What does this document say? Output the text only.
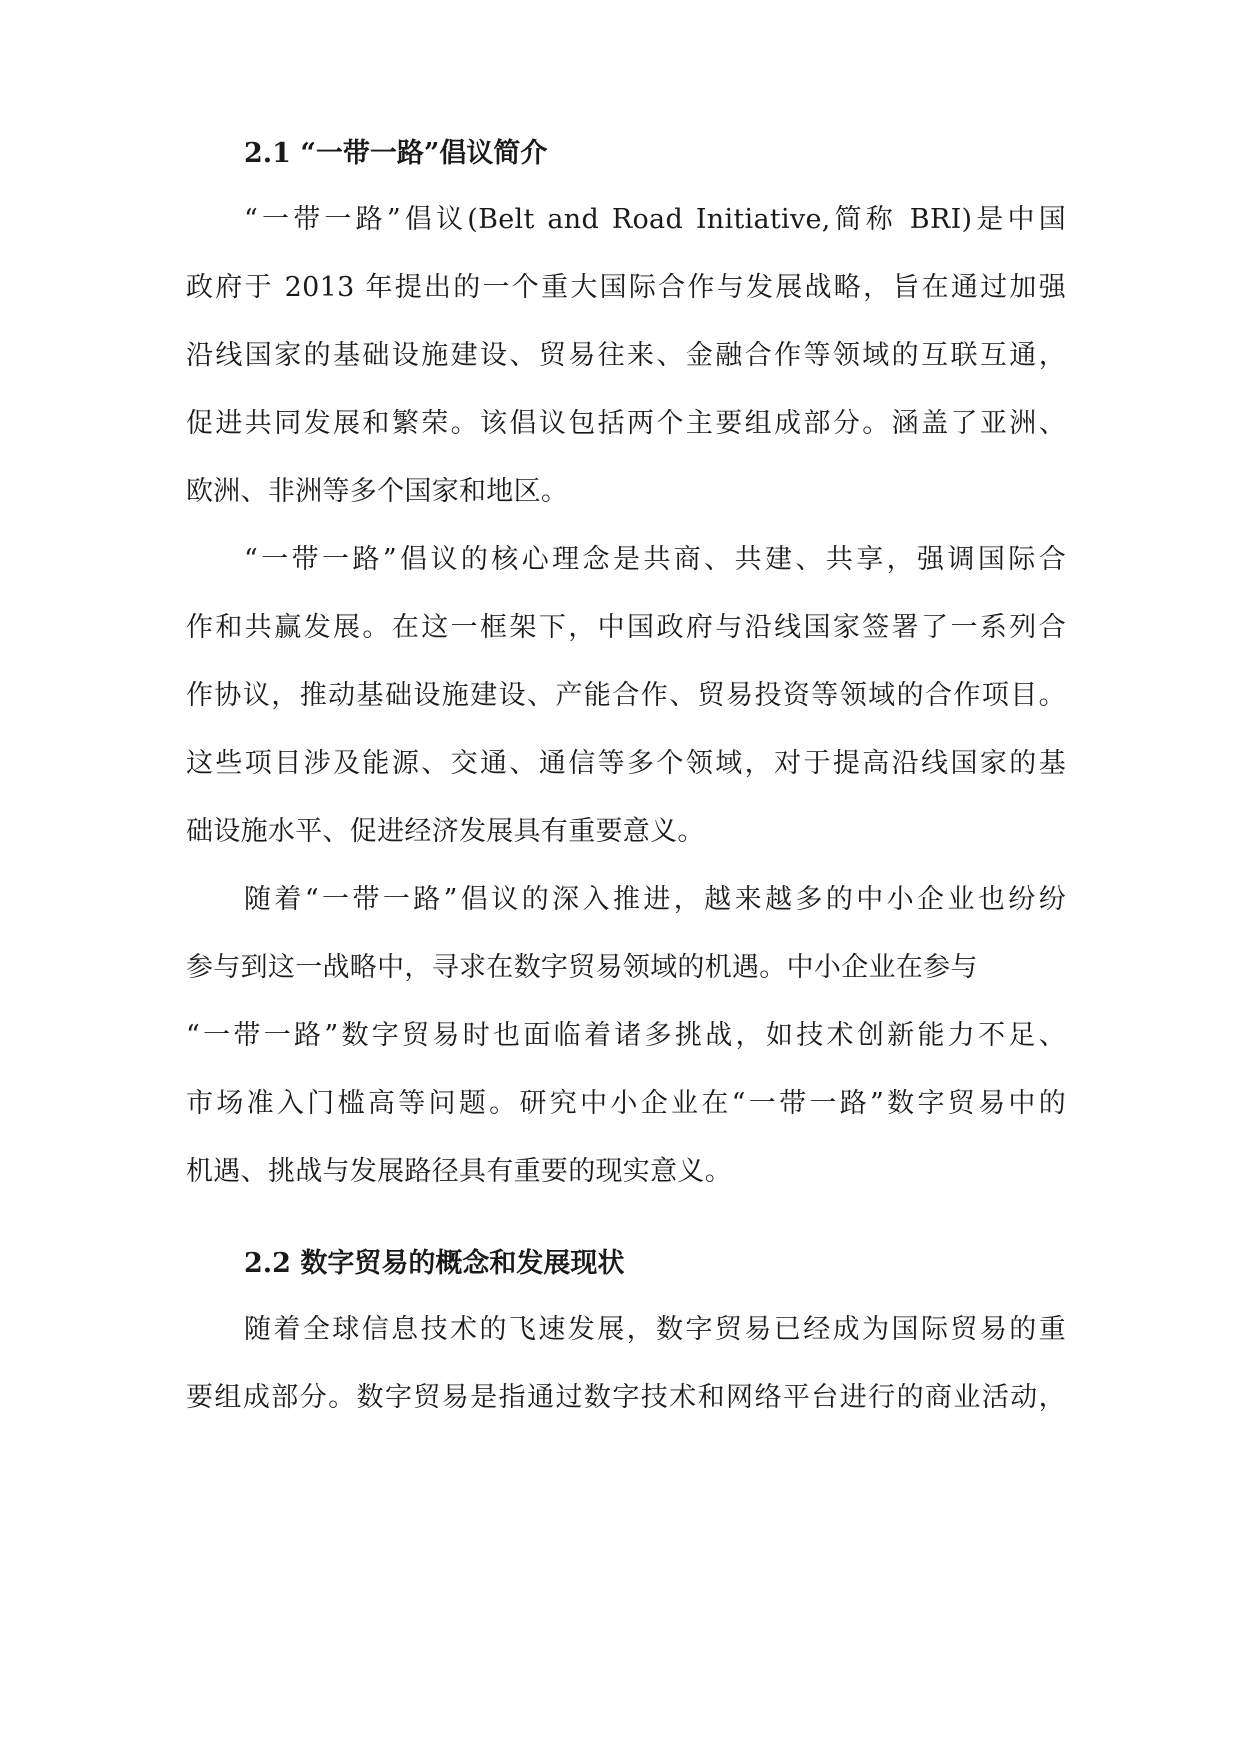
2.1 “一带一路”倡议简介
“一带一路”倡议(Belt and Road Initiative,简称 BRI)是中国
政府于 2013 年提出的一个重大国际合作与发展战略，旨在通过加强
沿线国家的基础设施建设、贸易往来、金融合作等领域的互联互通，
促进共同发展和繁荣。该倡议包括两个主要组成部分。涵盖了亚洲、
欧洲、非洲等多个国家和地区。
“一带一路”倡议的核心理念是共商、共建、共享，强调国际合
作和共赢发展。在这一框架下，中国政府与沿线国家签署了一系列合
作协议，推动基础设施建设、产能合作、贸易投资等领域的合作项目。
这些项目涉及能源、交通、通信等多个领域，对于提高沿线国家的基
础设施水平、促进经济发展具有重要意义。
随着“一带一路”倡议的深入推进，越来越多的中小企业也纷纷
参与到这一战略中，寻求在数字贸易领域的机遇。中小企业在参与
“一带一路”数字贸易时也面临着诸多挑战，如技术创新能力不足、
市场准入门槛高等问题。研究中小企业在“一带一路”数字贸易中的
机遇、挑战与发展路径具有重要的现实意义。
2.2 数字贸易的概念和发展现状
随着全球信息技术的飞速发展，数字贸易已经成为国际贸易的重
要组成部分。数字贸易是指通过数字技术和网络平台进行的商业活动，
